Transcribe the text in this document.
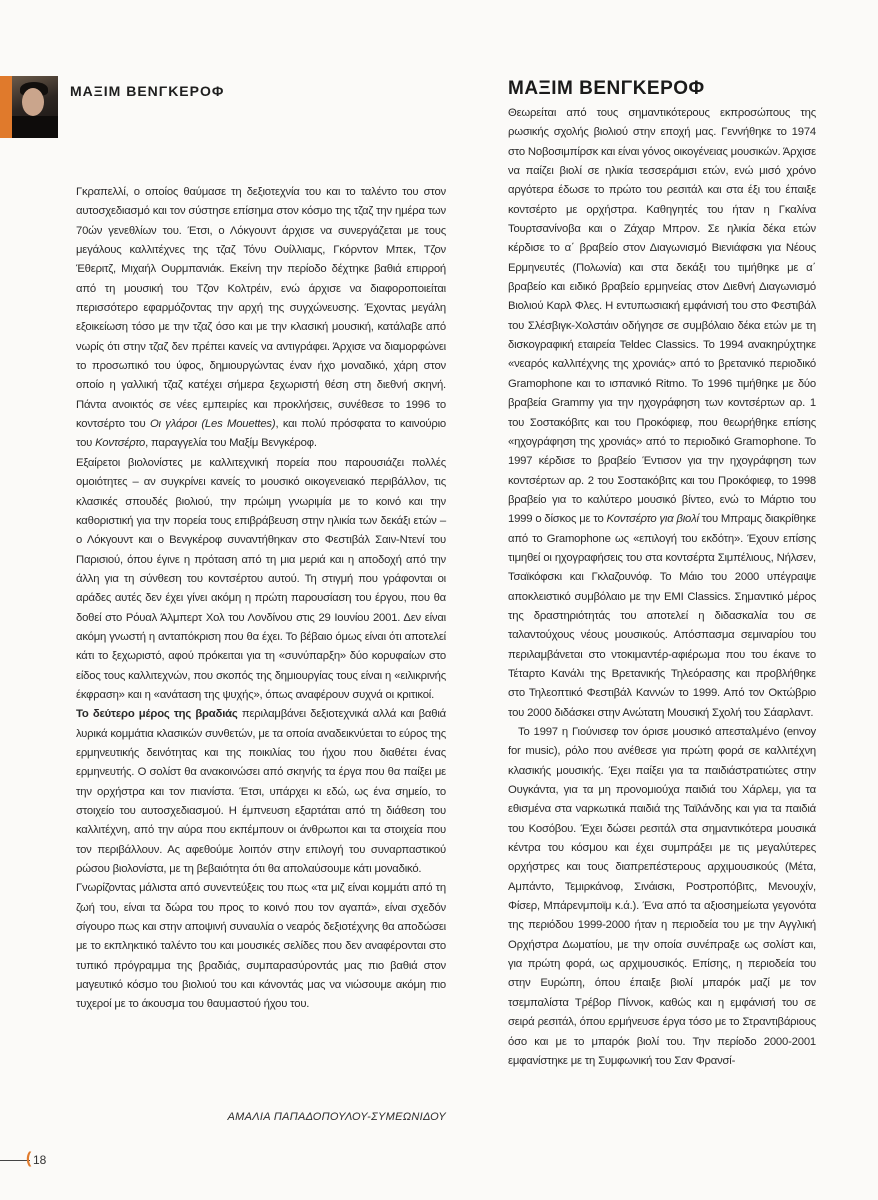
ΜΑΞΙΜ ΒΕΝΓΚΕΡΟΦ

Γκραπελλί, ο οποίος θαύμασε τη δεξιοτεχνία του και το ταλέντο του στον αυτοσχεδιασμό και τον σύστησε επίσημα στον κόσμο της τζαζ την ημέρα των 70ών γενεθλίων του. Έτσι, ο Λόκγουντ άρχισε να συνεργάζεται με τους μεγάλους καλλιτέχνες της τζαζ Τόνυ Ουίλλιαμς, Γκόρντον Μπεκ, Τζον Έθεριτζ, Μιχαήλ Ουρμπανιάκ. Εκείνη την περίοδο δέχτηκε βαθιά επιρροή από τη μουσική του Τζον Κολτρέιν, ενώ άρχισε να διαφοροποιείται περισσότερο εφαρμόζοντας την αρχή της συγχώνευσης. Έχοντας μεγάλη εξοικείωση τόσο με την τζαζ όσο και με την κλασική μουσική, κατάλαβε από νωρίς ότι στην τζαζ δεν πρέπει κανείς να αντιγράφει. Άρχισε να διαμορφώνει το προσωπικό του ύφος, δημιουργώντας έναν ήχο μοναδικό, χάρη στον οποίο η γαλλική τζαζ κατέχει σήμερα ξεχωριστή θέση στη διεθνή σκηνή. Πάντα ανοικτός σε νέες εμπειρίες και προκλήσεις, συνέθεσε το 1996 το κοντσέρτο του Οι γλάροι (Les Mouettes), και πολύ πρόσφατα το καινούριο του Κοντσέρτο, παραγγελία του Μαξίμ Βενγκέροφ.

Εξαίρετοι βιολονίστες με καλλιτεχνική πορεία που παρουσιάζει πολλές ομοιότητες – αν συγκρίνει κανείς το μουσικό οικογενειακό περιβάλλον, τις κλασικές σπουδές βιολιού, την πρώιμη γνωριμία με το κοινό και την καθοριστική για την πορεία τους επιβράβευση στην ηλικία των δεκάξι ετών – ο Λόκγουντ και ο Βενγκέροφ συναντήθηκαν στο Φεστιβάλ Σαιν-Ντενί του Παρισιού, όπου έγινε η πρόταση από τη μια μεριά και η αποδοχή από την άλλη για τη σύνθεση του κοντσέρτου αυτού. Τη στιγμή που γράφονται οι αράδες αυτές δεν έχει γίνει ακόμη η πρώτη παρουσίαση του έργου, που θα δοθεί στο Ρόυαλ Άλμπερτ Χολ του Λονδίνου στις 29 Ιουνίου 2001. Δεν είναι ακόμη γνωστή η ανταπόκριση που θα έχει. Το βέβαιο όμως είναι ότι αποτελεί κάτι το ξεχωριστό, αφού πρόκειται για τη «συνύπαρξη» δύο κορυφαίων στο είδος τους καλλιτεχνών, που σκοπός της δημιουργίας τους είναι η «ειλικρινής έκφραση» και η «ανάταση της ψυχής», όπως αναφέρουν συχνά οι κριτικοί.

Το δεύτερο μέρος της βραδιάς περιλαμβάνει δεξιοτεχνικά αλλά και βαθιά λυρικά κομμάτια κλασικών συνθετών, με τα οποία αναδεικνύεται το εύρος της ερμηνευτικής δεινότητας και της ποικιλίας του ήχου που διαθέτει ένας ερμηνευτής. Ο σολίστ θα ανακοινώσει από σκηνής τα έργα που θα παίξει με την ορχήστρα και τον πιανίστα. Έτσι, υπάρχει κι εδώ, ως ένα σημείο, το στοιχείο του αυτοσχεδιασμού. Η έμπνευση εξαρτάται από τη διάθεση του καλλιτέχνη, από την αύρα που εκπέμπουν οι άνθρωποι και τα στοιχεία που τον περιβάλλουν. Ας αφεθούμε λοιπόν στην επιλογή του συναρπαστικού ρώσου βιολονίστα, με τη βεβαιότητα ότι θα απολαύσουμε κάτι μοναδικό.

Γνωρίζοντας μάλιστα από συνεντεύξεις του πως «τα μιζ είναι κομμάτι από τη ζωή του, είναι τα δώρα του προς το κοινό που τον αγαπά», είναι σχεδόν σίγουρο πως και στην αποψινή συναυλία ο νεαρός δεξιοτέχνης θα αποδώσει με το εκπληκτικό ταλέντο του και μουσικές σελίδες που δεν αναφέρονται στο τυπικό πρόγραμμα της βραδιάς, συμπαρασύροντάς μας πιο βαθιά στον μαγευτικό κόσμο του βιολιού του και κάνοντάς μας να νιώσουμε ακόμη πιο τυχεροί με το άκουσμα του θαυμαστού ήχου του.

ΑΜΑΛΙΑ ΠΑΠΑΔΟΠΟΥΛΟΥ-ΣΥΜΕΩΝΙΔΟΥ
ΜΑΞΙΜ ΒΕΝΓΚΕΡΟΦ

Θεωρείται από τους σημαντικότερους εκπροσώπους της ρωσικής σχολής βιολιού στην εποχή μας. Γεννήθηκε το 1974 στο Νοβοσιμπίρσκ και είναι γόνος οικογένειας μουσικών. Άρχισε να παίζει βιολί σε ηλικία τεσσεράμισι ετών, ενώ μισό χρόνο αργότερα έδωσε το πρώτο του ρεσιτάλ και στα έξι του έπαιξε κοντσέρτο με ορχήστρα. Καθηγητές του ήταν η Γκαλίνα Τουρτσανίνοβα και ο Ζάχαρ Μπρον. Σε ηλικία δέκα ετών κέρδισε το α΄ βραβείο στον Διαγωνισμό Βιενιάφσκι για Νέους Ερμηνευτές (Πολωνία) και στα δεκάξι του τιμήθηκε με α΄ βραβείο και ειδικό βραβείο ερμηνείας στον Διεθνή Διαγωνισμό Βιολιού Καρλ Φλες. Η εντυπωσιακή εμφάνισή του στο Φεστιβάλ του Σλέσβιγκ-Χολστάιν οδήγησε σε συμβόλαιο δέκα ετών με τη δισκογραφική εταιρεία Teldec Classics. Το 1994 ανακηρύχτηκε «νεαρός καλλιτέχνης της χρονιάς» από το βρετανικό περιοδικό Gramophone και το ισπανικό Ritmo. Το 1996 τιμήθηκε με δύο βραβεία Grammy για την ηχογράφηση των κοντσέρτων αρ. 1 του Σοστακόβιτς και του Προκόφιεφ, που θεωρήθηκε επίσης «ηχογράφηση της χρονιάς» από το περιοδικό Gramophone. Το 1997 κέρδισε το βραβείο Έντισον για την ηχογράφηση των κοντσέρτων αρ. 2 του Σοστακόβιτς και του Προκόφιεφ, το 1998 βραβείο για το καλύτερο μουσικό βίντεο, ενώ το Μάρτιο του 1999 ο δίσκος με το Κοντσέρτο για βιολί του Μπραμς διακρίθηκε από το Gramophone ως «επιλογή του εκδότη». Έχουν επίσης τιμηθεί οι ηχογραφήσεις του στα κοντσέρτα Σιμπέλιους, Νήλσεν, Τσαϊκόφσκι και Γκλαζουνόφ. Το Μάιο του 2000 υπέγραψε αποκλειστικό συμβόλαιο με την EMI Classics. Σημαντικό μέρος της δραστηριότητάς του αποτελεί η διδασκαλία του σε ταλαντούχους νέους μουσικούς. Απόσπασμα σεμιναρίου του περιλαμβάνεται στο ντοκιμαντέρ-αφιέρωμα που του έκανε το Τέταρτο Κανάλι της Βρετανικής Τηλεόρασης και προβλήθηκε στο Τηλεοπτικό Φεστιβάλ Καννών το 1999. Από τον Οκτώβριο του 2000 διδάσκει στην Ανώτατη Μουσική Σχολή του Σάαρλαντ.

Το 1997 η Γιούνισεφ τον όρισε μουσικό απεσταλμένο (envoy for music), ρόλο που ανέθεσε για πρώτη φορά σε καλλιτέχνη κλασικής μουσικής. Έχει παίξει για τα παιδιάστρατιώτες στην Ουγκάντα, για τα μη προνομιούχα παιδιά του Χάρλεμ, για τα εθισμένα στα ναρκωτικά παιδιά της Ταϊλάνδης και για τα παιδιά του Κοσόβου. Έχει δώσει ρεσιτάλ στα σημαντικότερα μουσικά κέντρα του κόσμου και έχει συμπράξει με τις μεγαλύτερες ορχήστρες και τους διαπρεπέστερους αρχιμουσικούς (Μέτα, Αμπάντο, Τεμιρκάνοφ, Σινάισκι, Ροστροπόβιτς, Μενουχίν, Φίσερ, Μπάρενμποϊμ κ.ά.). Ένα από τα αξιοσημείωτα γεγονότα της περιόδου 1999-2000 ήταν η περιοδεία του με την Αγγλική Ορχήστρα Δωματίου, με την οποία συνέπραξε ως σολίστ και, για πρώτη φορά, ως αρχιμουσικός. Επίσης, η περιοδεία του στην Ευρώπη, όπου έπαιξε βιολί μπαρόκ μαζί με τον τσεμπαλίστα Τρέβορ Πίννοκ, καθώς και η εμφάνισή του σε σειρά ρεσιτάλ, όπου ερμήνευσε έργα τόσο με το Στραντιβάριους όσο και με το μπαρόκ βιολί του. Την περίοδο 2000-2001 εμφανίστηκε με τη Συμφωνική του Σαν Φρανσί-

( 18
